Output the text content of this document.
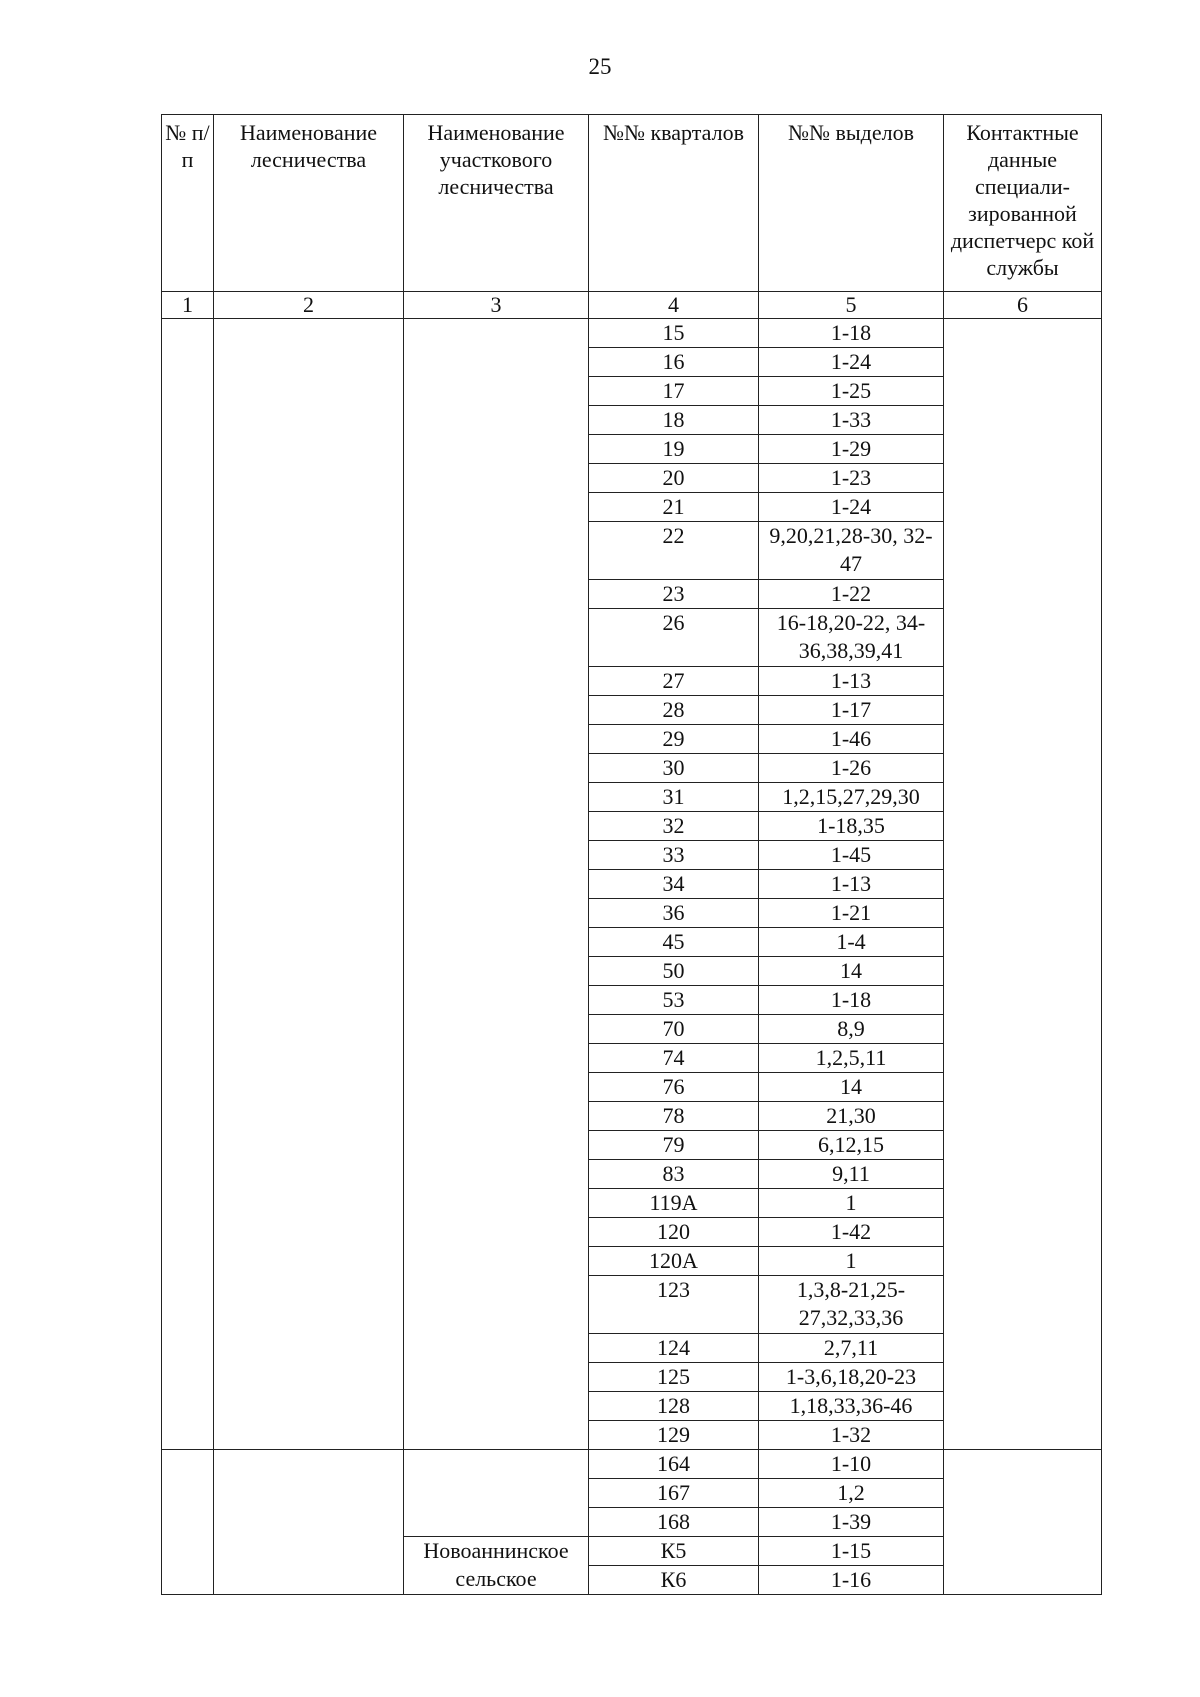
25
№ п/п	Наименование лесничества	Наименование участкового лесничества	№№ кварталов	№№ выделов	Контактные данные специали-зированной диспетчерс кой службы
1	2	3	4	5	6
			15	1-18	
			16	1-24	
			17	1-25	
			18	1-33	
			19	1-29	
			20	1-23	
			21	1-24	
			22	9,20,21,28-30, 32-47	
			23	1-22	
			26	16-18,20-22, 34-36,38,39,41	
			27	1-13	
			28	1-17	
			29	1-46	
			30	1-26	
			31	1,2,15,27,29,30	
			32	1-18,35	
			33	1-45	
			34	1-13	
			36	1-21	
			45	1-4	
			50	14	
			53	1-18	
			70	8,9	
			74	1,2,5,11	
			76	14	
			78	21,30	
			79	6,12,15	
			83	9,11	
			119А	1	
			120	1-42	
			120А	1	
			123	1,3,8-21,25-27,32,33,36	
			124	2,7,11	
			125	1-3,6,18,20-23	
			128	1,18,33,36-46	
			129	1-32	
			164	1-10	
			167	1,2	
			168	1-39	
		Новоаннинское сельское	К5	1-15	
			К6	1-16	
